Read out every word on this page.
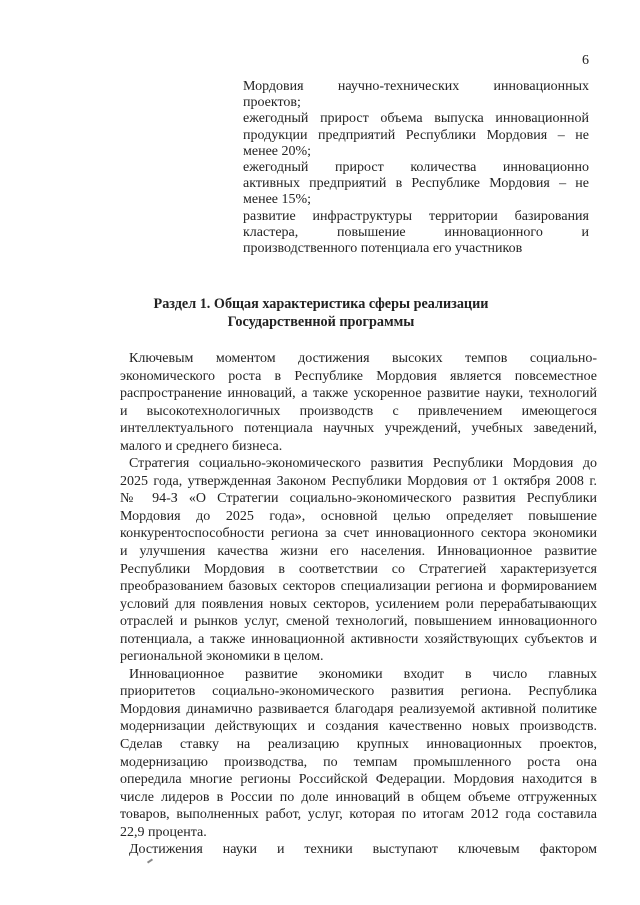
6
Мордовия научно-технических инновационных
проектов;
ежегодный прирост объема выпуска инновационной
продукции предприятий Республики Мордовия – не
менее 20%;
ежегодный прирост количества инновационно
активных предприятий в Республике Мордовия – не
менее 15%;
развитие инфраструктуры территории базирования
кластера, повышение инновационного и
производственного потенциала его участников
Раздел 1. Общая характеристика сферы реализации
Государственной программы
Ключевым моментом достижения высоких темпов социально-
экономического роста в Республике Мордовия является повсеместное
распространение инноваций, а также ускоренное развитие науки, технологий
и высокотехнологичных производств с привлечением имеющегося
интеллектуального потенциала научных учреждений, учебных заведений,
малого и среднего бизнеса.
Стратегия социально-экономического развития Республики Мордовия до
2025 года, утвержденная Законом Республики Мордовия от 1 октября 2008 г.
№ 94-З «О Стратегии социально-экономического развития Республики
Мордовия до 2025 года», основной целью определяет повышение
конкурентоспособности региона за счет инновационного сектора экономики
и улучшения качества жизни его населения. Инновационное развитие
Республики Мордовия в соответствии со Стратегией характеризуется
преобразованием базовых секторов специализации региона и формированием
условий для появления новых секторов, усилением роли перерабатывающих
отраслей и рынков услуг, сменой технологий, повышением инновационного
потенциала, а также инновационной активности хозяйствующих субъектов и
региональной экономики в целом.
Инновационное развитие экономики входит в число главных
приоритетов социально-экономического развития региона. Республика
Мордовия динамично развивается благодаря реализуемой активной политике
модернизации действующих и создания качественно новых производств.
Сделав ставку на реализацию крупных инновационных проектов,
модернизацию производства, по темпам промышленного роста она
опередила многие регионы Российской Федерации. Мордовия находится в
числе лидеров в России по доле инноваций в общем объеме отгруженных
товаров, выполненных работ, услуг, которая по итогам 2012 года составила
22,9 процента.
Достижения науки и техники выступают ключевым фактором
